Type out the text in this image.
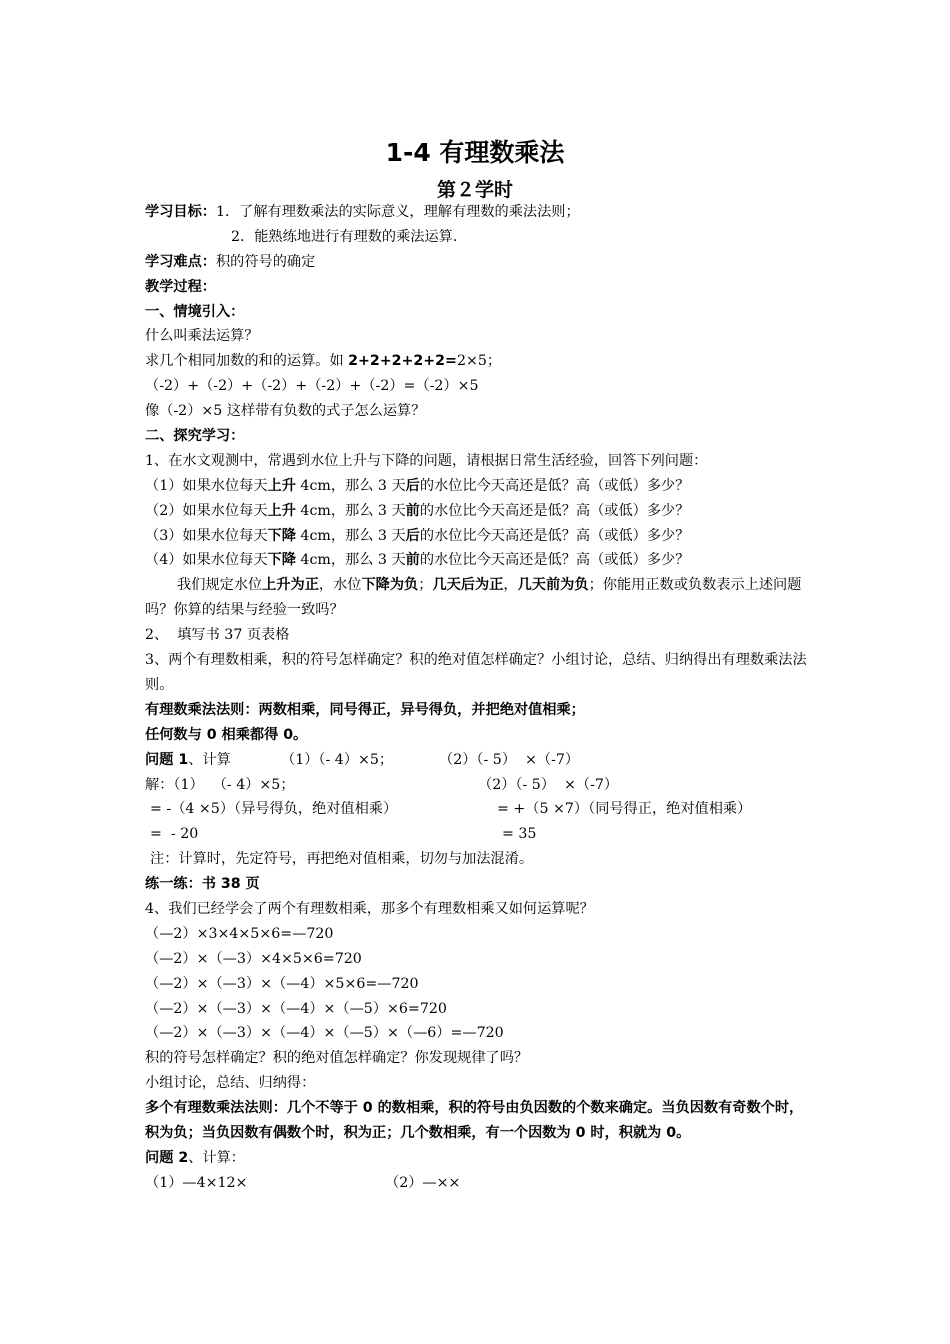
1-4 有理数乘法
第２学时
学习目标：1．了解有理数乘法的实际意义，理解有理数的乘法法则；
2．能熟练地进行有理数的乘法运算.
学习难点：积的符号的确定
教学过程：
一、情境引入：
什么叫乘法运算？
求几个相同加数的和的运算。如 2+2+2+2+2=2×5；
（-2）+（-2）+（-2）+（-2）+（-2）=（-2）×5
像（-2）×5 这样带有负数的式子怎么运算？
二、探究学习：
1、在水文观测中，常遇到水位上升与下降的问题，请根据日常生活经验，回答下列问题：
（1）如果水位每天上升 4cm，那么 3 天后的水位比今天高还是低？高（或低）多少？
（2）如果水位每天上升 4cm，那么 3 天前的水位比今天高还是低？高（或低）多少？
（3）如果水位每天下降 4cm，那么 3 天后的水位比今天高还是低？高（或低）多少？
（4）如果水位每天下降 4cm，那么 3 天前的水位比今天高还是低？高（或低）多少？
我们规定水位上升为正，水位下降为负；几天后为正，几天前为负；你能用正数或负数表示上述问题吗？你算的结果与经验一致吗？
2、  填写书 37 页表格
3、两个有理数相乘，积的符号怎样确定？积的绝对值怎样确定？小组讨论，总结、归纳得出有理数乘法法则。
有理数乘法法则：两数相乘，同号得正，异号得负，并把绝对值相乘；
任何数与 0 相乘都得 0。
问题 1、计算	（1）（- 4）×5；	（2）（- 5）  ×（-7）
解：（1）  （- 4）×5；	（2）（- 5）  ×（-7）
= -（4 ×5）（异号得负，绝对值相乘）	= +（5 ×7）（同号得正，绝对值相乘）
=  - 20	= 35
注：计算时，先定符号，再把绝对值相乘，切勿与加法混淆。
练一练：书 38 页
4、我们已经学会了两个有理数相乘，那多个有理数相乘又如何运算呢？
（—2）×3×4×5×6=—720
（—2）×（—3）×4×5×6=720
（—2）×（—3）×（—4）×5×6=—720
（—2）×（—3）×（—4）×（—5）×6=720
（—2）×（—3）×（—4）×（—5）×（—6）=—720
积的符号怎样确定？积的绝对值怎样确定？你发现规律了吗？
小组讨论，总结、归纳得：
多个有理数乘法法则：几个不等于 0 的数相乘，积的符号由负因数的个数来确定。当负因数有奇数个时，积为负；当负因数有偶数个时，积为正；几个数相乘，有一个因数为 0 时，积就为 0。
问题 2、计算：
（1）—4×12×	（2）—××
